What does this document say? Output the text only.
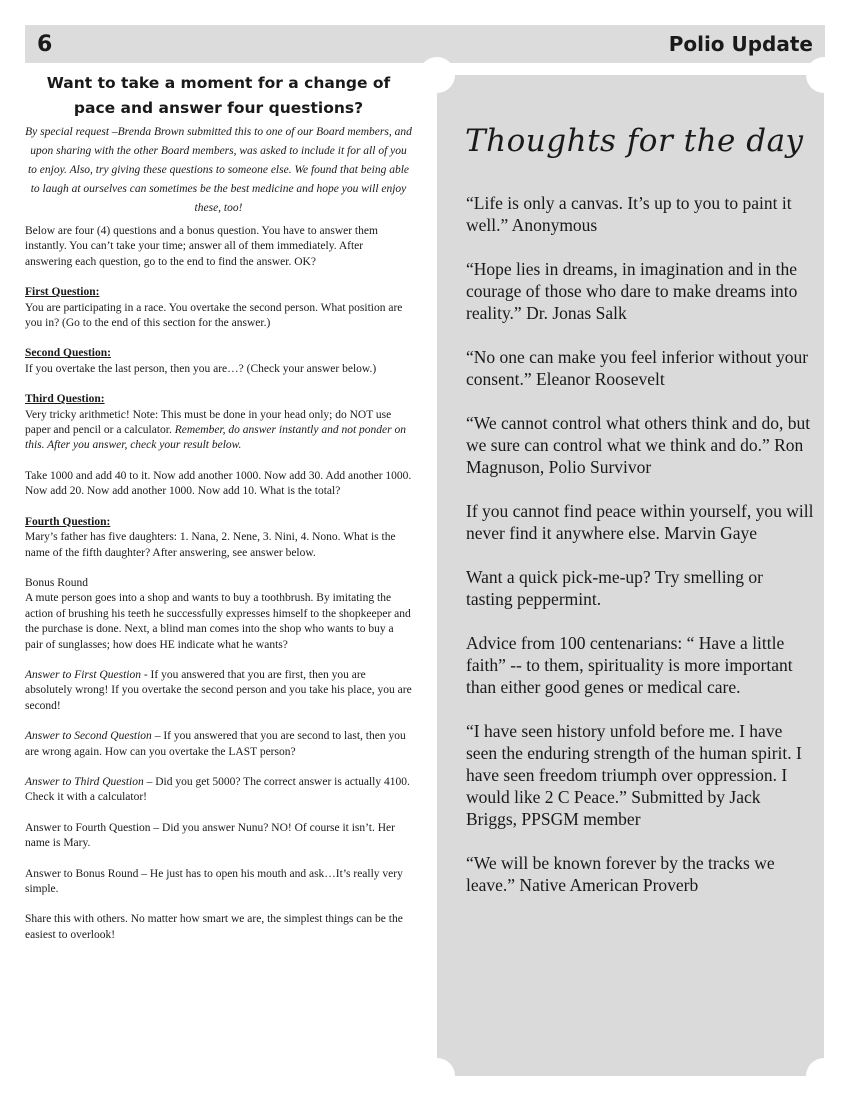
6	Polio Update
Want to take a moment for a change of pace and answer four questions?

By special request –Brenda Brown submitted this to one of our Board members, and upon sharing with the other Board members, was asked to include it for all of you to enjoy. Also, try giving these questions to someone else. We found that being able to laugh at ourselves can sometimes be the best medicine and hope you will enjoy these, too!

Below are four (4) questions and a bonus question. You have to answer them instantly. You can’t take your time; answer all of them immediately. After answering each question, go to the end to find the answer. OK?

First Question:
You are participating in a race. You overtake the second person. What position are you in? (Go to the end of this section for the answer.)

Second Question:
If you overtake the last person, then you are…? (Check your answer below.)

Third Question:
Very tricky arithmetic! Note: This must be done in your head only; do NOT use paper and pencil or a calculator. Remember, do answer instantly and not ponder on this. After you answer, check your result below.

Take 1000 and add 40 to it. Now add another 1000. Now add 30. Add another 1000. Now add 20. Now add another 1000. Now add 10. What is the total?

Fourth Question:
Mary’s father has five daughters: 1. Nana, 2. Nene, 3. Nini, 4. Nono. What is the name of the fifth daughter? After answering, see answer below.

Bonus Round
A mute person goes into a shop and wants to buy a toothbrush. By imitating the action of brushing his teeth he successfully expresses himself to the shopkeeper and the purchase is done. Next, a blind man comes into the shop who wants to buy a pair of sunglasses; how does HE indicate what he wants?

Answer to First Question - If you answered that you are first, then you are absolutely wrong! If you overtake the second person and you take his place, you are second!

Answer to Second Question – If you answered that you are second to last, then you are wrong again. How can you overtake the LAST person?

Answer to Third Question – Did you get 5000? The correct answer is actually 4100. Check it with a calculator!

Answer to Fourth Question – Did you answer Nunu? NO! Of course it isn’t. Her name is Mary.

Answer to Bonus Round – He just has to open his mouth and ask…It’s really very simple.

Share this with others. No matter how smart we are, the simplest things can be the easiest to overlook!

Thoughts for the day

“Life is only a canvas. It’s up to you to paint it well.” Anonymous

“Hope lies in dreams, in imagination and in the courage of those who dare to make dreams into reality.” Dr. Jonas Salk

“No one can make you feel inferior without your consent.” Eleanor Roosevelt

“We cannot control what others think and do, but we sure can control what we think and do.” Ron Magnuson, Polio Survivor

If you cannot find peace within yourself, you will never find it anywhere else. Marvin Gaye

Want a quick pick-me-up? Try smelling or tasting peppermint.

Advice from 100 centenarians: “ Have a little faith” -- to them, spirituality is more important than either good genes or medical care.

“I have seen history unfold before me. I have seen the enduring strength of the human spirit. I have seen freedom triumph over oppression. I would like 2 C Peace.” Submitted by Jack Briggs, PPSGM member

“We will be known forever by the tracks we leave.” Native American Proverb
